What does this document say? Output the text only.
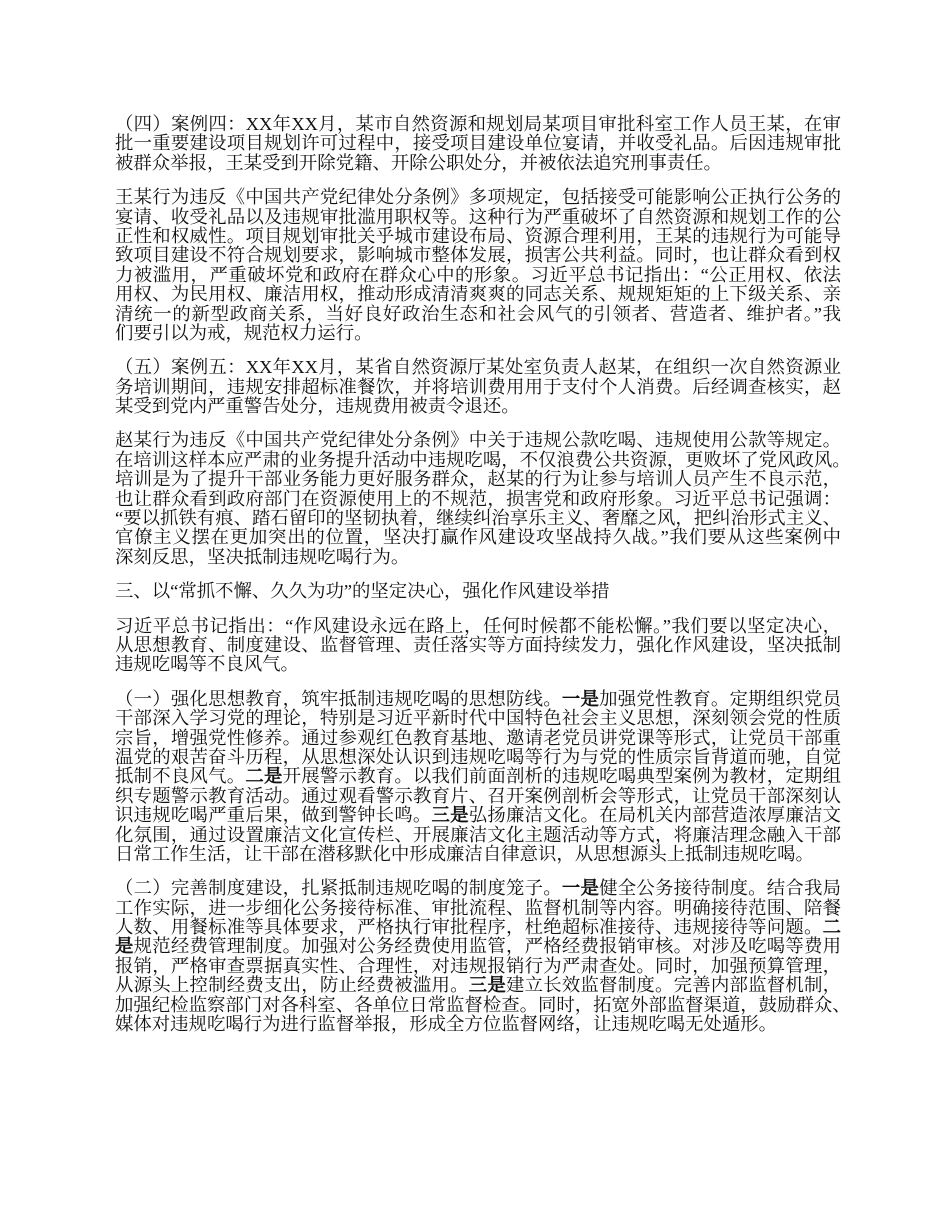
（四）案例四：XX年XX月，某市自然资源和规划局某项目审批科室工作人员王某，在审
批一重要建设项目规划许可过程中，接受项目建设单位宴请，并收受礼品。后因违规审批
被群众举报，王某受到开除党籍、开除公职处分，并被依法追究刑事责任。
王某行为违反《中国共产党纪律处分条例》多项规定，包括接受可能影响公正执行公务的
宴请、收受礼品以及违规审批滥用职权等。这种行为严重破坏了自然资源和规划工作的公
正性和权威性。项目规划审批关乎城市建设布局、资源合理利用，王某的违规行为可能导
致项目建设不符合规划要求，影响城市整体发展，损害公共利益。同时，也让群众看到权
力被滥用，严重破坏党和政府在群众心中的形象。习近平总书记指出：“公正用权、依法
用权、为民用权、廉洁用权，推动形成清清爽爽的同志关系、规规矩矩的上下级关系、亲
清统一的新型政商关系，当好良好政治生态和社会风气的引领者、营造者、维护者。”我
们要引以为戒，规范权力运行。
（五）案例五：XX年XX月，某省自然资源厅某处室负责人赵某，在组织一次自然资源业
务培训期间，违规安排超标准餐饮，并将培训费用用于支付个人消费。后经调查核实，赵
某受到党内严重警告处分，违规费用被责令退还。
赵某行为违反《中国共产党纪律处分条例》中关于违规公款吃喝、违规使用公款等规定。
在培训这样本应严肃的业务提升活动中违规吃喝，不仅浪费公共资源，更败坏了党风政风。
培训是为了提升干部业务能力更好服务群众，赵某的行为让参与培训人员产生不良示范，
也让群众看到政府部门在资源使用上的不规范，损害党和政府形象。习近平总书记强调：
“要以抓铁有痕、踏石留印的坚韧执着，继续纠治享乐主义、奢靡之风，把纠治形式主义、
官僚主义摆在更加突出的位置，坚决打赢作风建设攻坚战持久战。”我们要从这些案例中
深刻反思，坚决抵制违规吃喝行为。
三、以“常抓不懈、久久为功”的坚定决心，强化作风建设举措
习近平总书记指出：“作风建设永远在路上，任何时候都不能松懈。”我们要以坚定决心，
从思想教育、制度建设、监督管理、责任落实等方面持续发力，强化作风建设，坚决抵制
违规吃喝等不良风气。
（一）强化思想教育，筑牢抵制违规吃喝的思想防线。一是加强党性教育。定期组织党员
干部深入学习党的理论，特别是习近平新时代中国特色社会主义思想，深刻领会党的性质
宗旨，增强党性修养。通过参观红色教育基地、邀请老党员讲党课等形式，让党员干部重
温党的艰苦奋斗历程，从思想深处认识到违规吃喝等行为与党的性质宗旨背道而驰，自觉
抵制不良风气。二是开展警示教育。以我们前面剖析的违规吃喝典型案例为教材，定期组
织专题警示教育活动。通过观看警示教育片、召开案例剖析会等形式，让党员干部深刻认
识违规吃喝严重后果，做到警钟长鸣。三是弘扬廉洁文化。在局机关内部营造浓厚廉洁文
化氛围，通过设置廉洁文化宣传栏、开展廉洁文化主题活动等方式，将廉洁理念融入干部
日常工作生活，让干部在潜移默化中形成廉洁自律意识，从思想源头上抵制违规吃喝。
（二）完善制度建设，扎紧抵制违规吃喝的制度笼子。一是健全公务接待制度。结合我局
工作实际，进一步细化公务接待标准、审批流程、监督机制等内容。明确接待范围、陪餐
人数、用餐标准等具体要求，严格执行审批程序，杜绝超标准接待、违规接待等问题。二
是规范经费管理制度。加强对公务经费使用监管，严格经费报销审核。对涉及吃喝等费用
报销，严格审查票据真实性、合理性，对违规报销行为严肃查处。同时，加强预算管理，
从源头上控制经费支出，防止经费被滥用。三是建立长效监督制度。完善内部监督机制，
加强纪检监察部门对各科室、各单位日常监督检查。同时，拓宽外部监督渠道，鼓励群众、
媒体对违规吃喝行为进行监督举报，形成全方位监督网络，让违规吃喝无处遁形。
